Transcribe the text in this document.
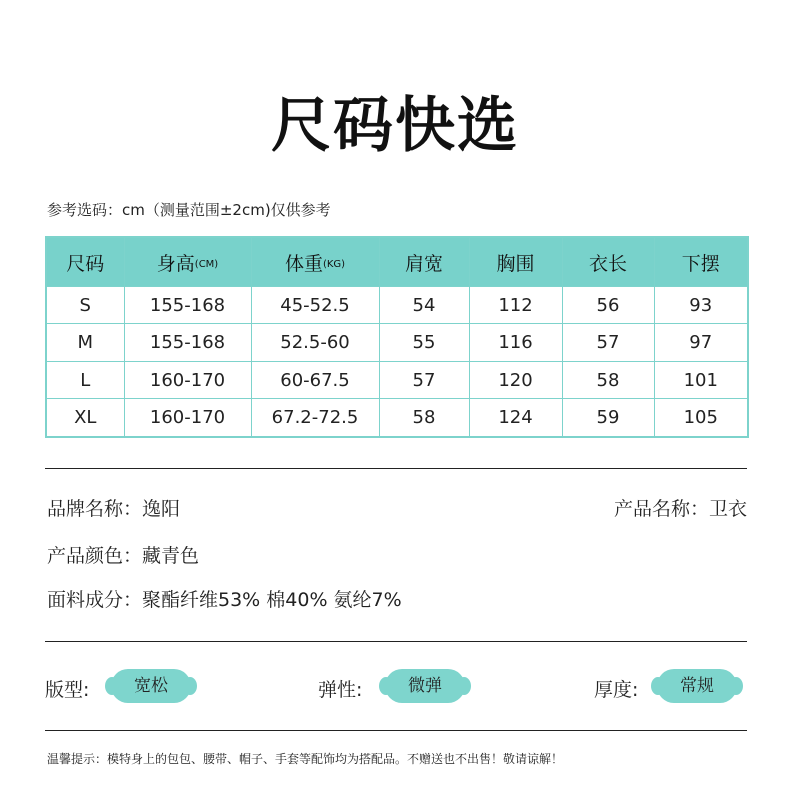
尺码快选
参考选码：cm（测量范围±2cm)仅供参考
尺码	身高(CM)	体重(KG)	肩宽	胸围	衣长	下摆
S	155-168	45-52.5	54	112	56	93
M	155-168	52.5-60	55	116	57	97
L	160-170	60-67.5	57	120	58	101
XL	160-170	67.2-72.5	58	124	59	105
品牌名称：逸阳	产品名称：卫衣
产品颜色：藏青色
面料成分：聚酯纤维53% 棉40% 氨纶7%
版型:	宽松	弹性:	微弹	厚度:	常规
温馨提示：模特身上的包包、腰带、帽子、手套等配饰均为搭配品。不赠送也不出售！敬请谅解！
